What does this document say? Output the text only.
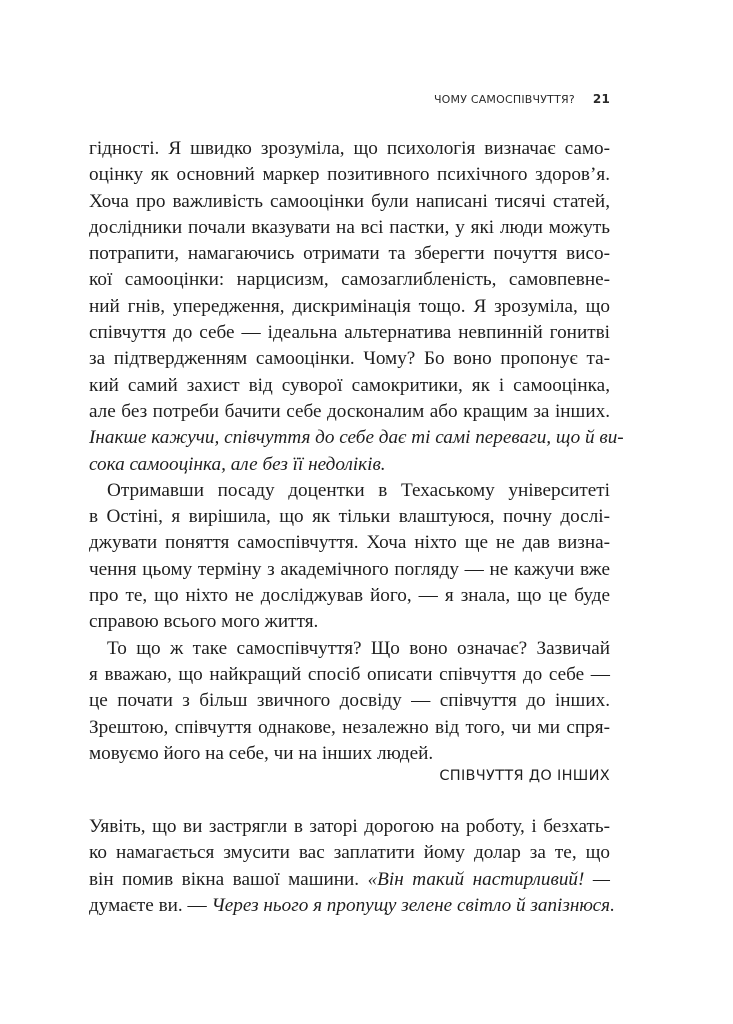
ЧОМУ САМОСПІВЧУТТЯ? 21
гідності. Я швидко зрозуміла, що психологія визначає само-
оцінку як основний маркер позитивного психічного здоров’я.
Хоча про важливість самооцінки були написані тисячі статей,
дослідники почали вказувати на всі пастки, у які люди можуть
потрапити, намагаючись отримати та зберегти почуття висо-
кої самооцінки: нарцисизм, самозаглибленість, самовпевне-
ний гнів, упередження, дискримінація тощо. Я зрозуміла, що
співчуття до себе — ідеальна альтернатива невпинній гонитві
за підтвердженням самооцінки. Чому? Бо воно пропонує та-
кий самий захист від суворої самокритики, як і самооцінка,
але без потреби бачити себе досконалим або кращим за інших.
Інакше кажучи, співчуття до себе дає ті самі переваги, що й ви-
сока самооцінка, але без її недоліків.
Отримавши посаду доцентки в Техаському університеті
в Остіні, я вирішила, що як тільки влаштуюся, почну дослі-
джувати поняття самоспівчуття. Хоча ніхто ще не дав визна-
чення цьому терміну з академічного погляду — не кажучи вже
про те, що ніхто не досліджував його, — я знала, що це буде
справою всього мого життя.
То що ж таке самоспівчуття? Що воно означає? Зазвичай
я вважаю, що найкращий спосіб описати співчуття до себе —
це почати з більш звичного досвіду — співчуття до інших.
Зрештою, співчуття однакове, незалежно від того, чи ми спря-
мовуємо його на себе, чи на інших людей.
СПІВЧУТТЯ ДО ІНШИХ
Уявіть, що ви застрягли в заторі дорогою на роботу, і безхать-
ко намагається змусити вас заплатити йому долар за те, що
він помив вікна вашої машини. «Він такий настирливий! —
думаєте ви. — Через нього я пропущу зелене світло й запізнюся.
